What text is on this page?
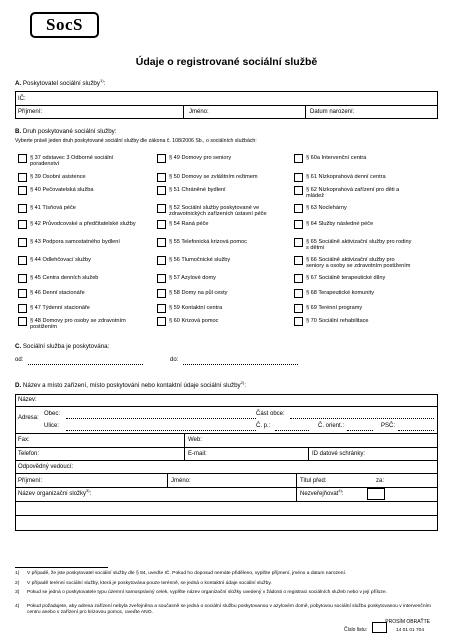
SocS
Údaje o registrované sociální službě
A. Poskytovatel sociální služby$^{1)}$:
IČ:
Příjmení:	Jméno:	Datum narození:
B. Druh poskytované sociální služby:
Vyberte právě jeden druh poskytované sociální služby dle zákona č. 108/2006 Sb., o sociálních službách:
§ 37 odstavec 3 Odborné sociální poradenství
§ 39 Osobní asistence
§ 40 Pečovatelská služba
§ 41 Tísňová péče
§ 42 Průvodcovské a předčitatelské služby
§ 43 Podpora samostatného bydlení
§ 44 Odlehčovací služby
§ 45 Centra denních služeb
§ 46 Denní stacionáře
§ 47 Týdenní stacionáře
§ 48 Domovy pro osoby se zdravotním postižením
§ 49 Domovy pro seniory
§ 50 Domovy se zvláštním režimem
§ 51 Chráněné bydlení
§ 52 Sociální služby poskytované ve zdravotnických zařízeních ústavní péče
§ 54 Raná péče
§ 55 Telefonická krizová pomoc
§ 56 Tlumočnické služby
§ 57 Azylové domy
§ 58 Domy na půl cesty
§ 59 Kontaktní centra
§ 60 Krizová pomoc
§ 60a Intervenční centra
§ 61 Nízkoprahová denní centra
§ 62 Nízkoprahová zařízení pro děti a mládež
§ 63 Noclehárny
§ 64 Služby následné péče
§ 65 Sociálně aktivizační služby pro rodiny s dětmi
§ 66 Sociálně aktivizační služby pro seniory a osoby se zdravotním postižením
§ 67 Sociálně terapeutické dílny
§ 68 Terapeutické komunity
§ 69 Terénní programy
§ 70 Sociální rehabilitace
C. Sociální služba je poskytována:
od:	do:
D. Název a místo zařízení, místo poskytování nebo kontaktní údaje sociální služby$^{2)}$:
Název:
Adresa:
Obec:	Část obce:
Ulice:	Č. p.:	Č. orient.:	PSČ:
Fax:	Web:
Telefon:	E-mail:	ID datové schránky:
Odpovědný vedoucí:
Příjmení:	Jméno:	Titul před:	za:
Název organizační složky$^{3)}$:	Nezveřejňovat$^{4)}$:
1)	V případě, že jste poskytovatel sociální služby dle § 84, uveďte IČ. Pokud ho doposud nemáte přiděleno, vyplňte příjmení, jméno a datum narození.
2)	V případě terénní sociální služby, která je poskytována pouze terénně, se jedná o kontaktní údaje sociální služby.
3)	Pokud se jedná o poskytovatele typu územní samosprávný celek, vyplňte název organizační složky uvedený v žádosti o registraci sociálních služeb nebo v její příloze.
4)	Pokud požadujete, aby adresa zařízení nebyla zveřejněna a současně se jedná o sociální službu poskytovanou v azylovém domě, pobytovou sociální službu poskytovanou v intervenčním centru anebo v zařízení pro krizovou pomoc, uveďte ANO.
PROSÍM OBRAŤTE
Číslo listu:	14 01 01 704
